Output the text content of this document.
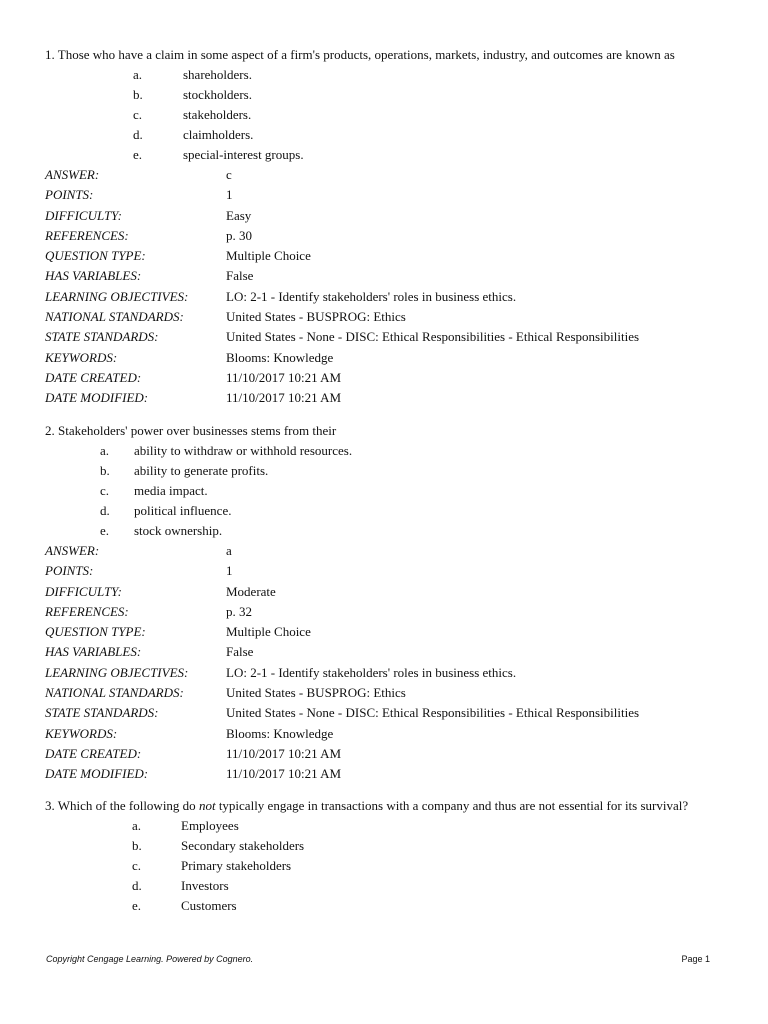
1. Those who have a claim in some aspect of a firm's products, operations, markets, industry, and outcomes are known as

a.	shareholders.
b.	stockholders.
c.	stakeholders.
d.	claimholders.
e.	special-interest groups.
ANSWER:	c
POINTS:	1
DIFFICULTY:	Easy
REFERENCES:	p. 30
QUESTION TYPE:	Multiple Choice
HAS VARIABLES:	False
LEARNING OBJECTIVES:	LO: 2-1 - Identify stakeholders' roles in business ethics.
NATIONAL STANDARDS:	United States - BUSPROG: Ethics
STATE STANDARDS:	United States - None - DISC: Ethical Responsibilities - Ethical Responsibilities
KEYWORDS:	Blooms: Knowledge
DATE CREATED:	11/10/2017 10:21 AM
DATE MODIFIED:	11/10/2017 10:21 AM

2. Stakeholders' power over businesses stems from their

a. ability to withdraw or withhold resources.
b. ability to generate profits.
c. media impact.
d. political influence.
e. stock ownership.
ANSWER:	a
POINTS:	1
DIFFICULTY:	Moderate
REFERENCES:	p. 32
QUESTION TYPE:	Multiple Choice
HAS VARIABLES:	False
LEARNING OBJECTIVES:	LO: 2-1 - Identify stakeholders' roles in business ethics.
NATIONAL STANDARDS:	United States - BUSPROG: Ethics
STATE STANDARDS:	United States - None - DISC: Ethical Responsibilities - Ethical Responsibilities
KEYWORDS:	Blooms: Knowledge
DATE CREATED:	11/10/2017 10:21 AM
DATE MODIFIED:	11/10/2017 10:21 AM

3. Which of the following do not typically engage in transactions with a company and thus are not essential for its survival?

a.	Employees
b.	Secondary stakeholders
c.	Primary stakeholders
d.	Investors
e.	Customers
Copyright Cengage Learning. Powered by Cognero.	Page 1
